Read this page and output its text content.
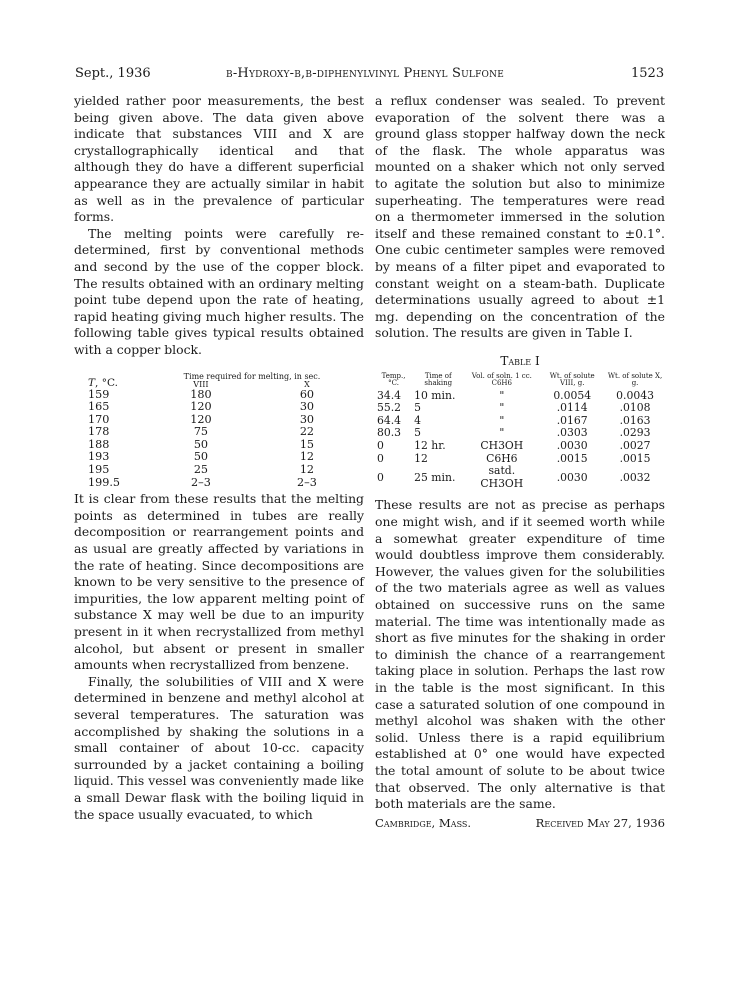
Sept., 1936	β-Hydroxy-β,β-diphenylvinyl Phenyl Sulfone	1523

yielded rather poor measurements, the best being given above. The data given above indicate that substances VIII and X are crystallographically identical and that although they do have a different superficial appearance they are actually similar in habit as well as in the prevalence of particular forms.

The melting points were carefully re-determined, first by conventional methods and second by the use of the copper block. The results obtained with an ordinary melting point tube depend upon the rate of heating, rapid heating giving much higher results. The following table gives typical results obtained with a copper block.

T, °C.	Time required for melting, in sec.	
	VIII	X
159	180	60
165	120	30
170	120	30
178	75	22
188	50	15
193	50	12
195	25	12
199.5	2–3	2–3

It is clear from these results that the melting points as determined in tubes are really decomposition or rearrangement points and as usual are greatly affected by variations in the rate of heating. Since decompositions are known to be very sensitive to the presence of impurities, the low apparent melting point of substance X may well be due to an impurity present in it when recrystallized from methyl alcohol, but absent or present in smaller amounts when recrystallized from benzene.

Finally, the solubilities of VIII and X were determined in benzene and methyl alcohol at several temperatures. The saturation was accomplished by shaking the solutions in a small container of about 10-cc. capacity surrounded by a jacket containing a boiling liquid. This vessel was conveniently made like a small Dewar flask with the boiling liquid in the space usually evacuated, to which

a reflux condenser was sealed. To prevent evaporation of the solvent there was a ground glass stopper halfway down the neck of the flask. The whole apparatus was mounted on a shaker which not only served to agitate the solution but also to minimize superheating. The temperatures were read on a thermometer immersed in the solution itself and these remained constant to ±0.1°. One cubic centimeter samples were removed by means of a filter pipet and evaporated to constant weight on a steam-bath. Duplicate determinations usually agreed to about ±1 mg. depending on the concentration of the solution. The results are given in Table I.

Table I
Temp., °C.	Time of shaking	Vol. of soln. 1 cc. C6H6	Wt. of solute VIII, g.	Wt. of solute X, g.
34.4	10 min.	"	0.0054	0.0043
55.2	5	"	.0114	.0108
64.4	4	"	.0167	.0163
80.3	5	"	.0303	.0293
0	12 hr.	CH3OH	.0030	.0027
0	12	C6H6	.0015	.0015
0	25 min.	satd. CH3OH	.0030	.0032

These results are not as precise as perhaps one might wish, and if it seemed worth while a somewhat greater expenditure of time would doubtless improve them considerably. However, the values given for the solubilities of the two materials agree as well as values obtained on successive runs on the same material. The time was intentionally made as short as five minutes for the shaking in order to diminish the chance of a rearrangement taking place in solution. Perhaps the last row in the table is the most significant. In this case a saturated solution of one compound in methyl alcohol was shaken with the other solid. Unless there is a rapid equilibrium established at 0° one would have expected the total amount of solute to be about twice that observed. The only alternative is that both materials are the same.

Cambridge, Mass.	Received May 27, 1936
